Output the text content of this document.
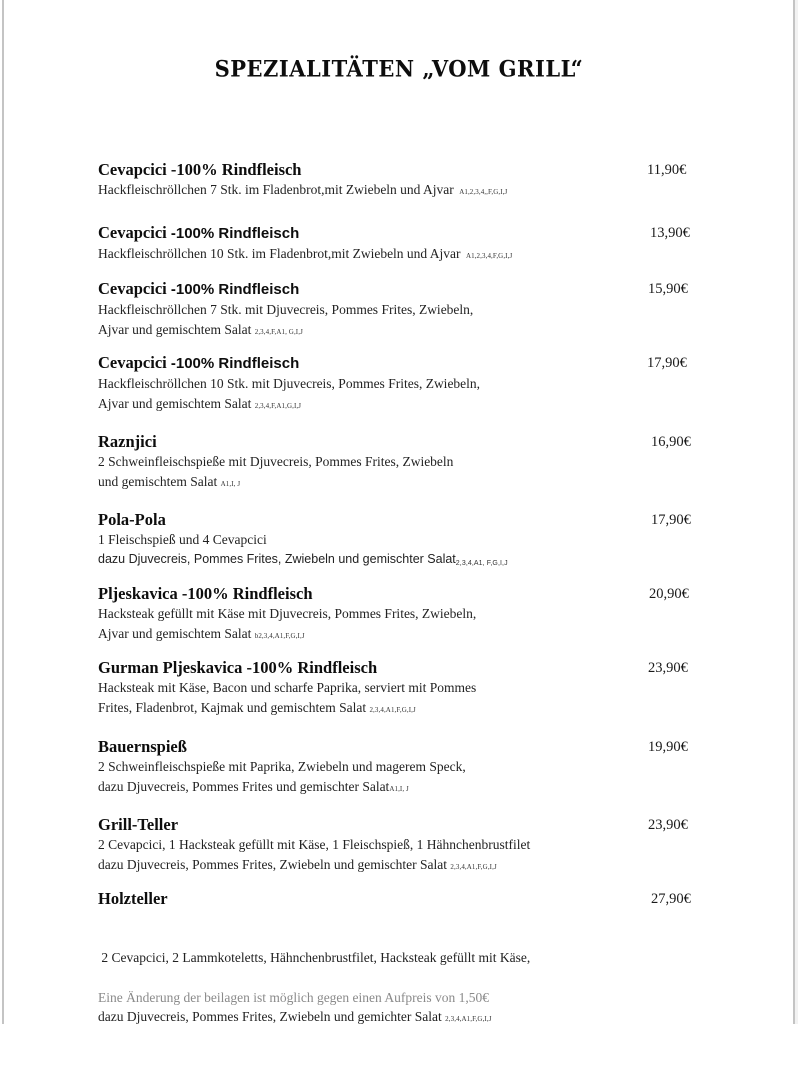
SPEZIALITÄTEN „VOM GRILL“
Cevapcici -100% Rindfleisch
Hackfleischröllchen 7 Stk. im Fladenbrot,mit Zwiebeln und Ajvar A1,2,3,4,,F,G,I,J
11,90€
Cevapcici -100% Rindfleisch
Hackfleischröllchen 10 Stk. im Fladenbrot,mit Zwiebeln und Ajvar A1,2,3,4,F,G,I,J
13,90€
Cevapcici -100% Rindfleisch
Hackfleischröllchen 7 Stk. mit Djuvecreis, Pommes Frites, Zwiebeln,
Ajvar und gemischtem Salat 2,3,4,F,A1, G,I,J
15,90€
Cevapcici -100% Rindfleisch
Hackfleischröllchen 10 Stk. mit Djuvecreis, Pommes Frites, Zwiebeln,
Ajvar und gemischtem Salat 2,3,4,F,A1,G,I,J
17,90€
Raznjici
2 Schweinfleischspieße mit Djuvecreis, Pommes Frites, Zwiebeln
und gemischtem Salat A1,I, J
16,90€
Pola-Pola
1 Fleischspieß und 4 Cevapcici
dazu Djuvecreis, Pommes Frites, Zwiebeln und gemischter Salat$_{2,3,4,A1, F,G,I,J}$
17,90€
Pljeskavica -100% Rindfleisch
Hacksteak gefüllt mit Käse mit Djuvecreis, Pommes Frites, Zwiebeln,
Ajvar und gemischtem Salat b2,3,4,A1,F,G,I,J
20,90€
Gurman Pljeskavica -100% Rindfleisch
Hacksteak mit Käse, Bacon und scharfe Paprika, serviert mit Pommes
Frites, Fladenbrot, Kajmak und gemischtem Salat 2,3,4,A1,F,G,I,J
23,90€
Bauernspieß
2 Schweinfleischspieße mit Paprika, Zwiebeln und magerem Speck,
dazu Djuvecreis, Pommes Frites und gemischter SalatA1,I, J
19,90€
Grill-Teller
2 Cevapcici, 1 Hacksteak gefüllt mit Käse, 1 Fleischspieß, 1 Hähnchenbrustfilet
dazu Djuvecreis, Pommes Frites, Zwiebeln und gemischter Salat 2,3,4,A1,F,G,I,J
23,90€
Holzteller

2 Cevapcici, 2 Lammkoteletts, Hähnchenbrustfilet, Hacksteak gefüllt mit Käse,

dazu Djuvecreis, Pommes Frites, Zwiebeln und gemichter Salat 2,3,4,A1,F,G,I,J

27,90€
Eine Änderung der beilagen ist möglich gegen einen Aufpreis von 1,50€
